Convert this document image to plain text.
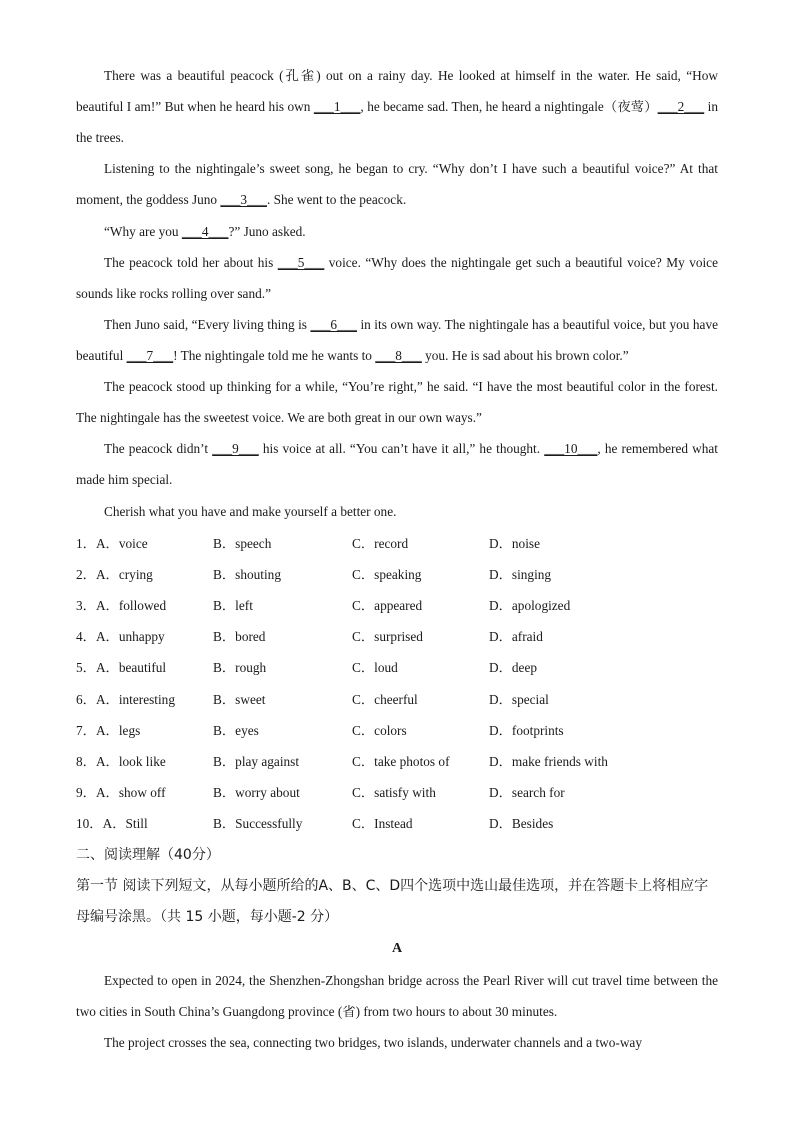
There was a beautiful peacock (孔雀) out on a rainy day. He looked at himself in the water. He said, “How beautiful I am!” But when he heard his own ___1___, he became sad. Then, he heard a nightingale（夜莺）___2___ in the trees.

Listening to the nightingale’s sweet song, he began to cry. “Why don’t I have such a beautiful voice?” At that moment, the goddess Juno ___3___. She went to the peacock.

“Why are you ___4___?” Juno asked.

The peacock told her about his ___5___ voice. “Why does the nightingale get such a beautiful voice? My voice sounds like rocks rolling over sand.”

Then Juno said, “Every living thing is ___6___ in its own way. The nightingale has a beautiful voice, but you have beautiful ___7___! The nightingale told me he wants to ___8___ you. He is sad about his brown color.”

The peacock stood up thinking for a while, “You’re right,” he said. “I have the most beautiful color in the forest. The nightingale has the sweetest voice. We are both great in our own ways.”

The peacock didn’t ___9___ his voice at all. “You can’t have it all,” he thought. ___10___, he remembered what made him special.

Cherish what you have and make yourself a better one.

1．A．voice	B．speech	C．record	D．noise
2．A．crying	B．shouting	C．speaking	D．singing
3．A．followed	B．left	C．appeared	D．apologized
4．A．unhappy	B．bored	C．surprised	D．afraid
5．A．beautiful	B．rough	C．loud	D．deep
6．A．interesting	B．sweet	C．cheerful	D．special
7．A．legs	B．eyes	C．colors	D．footprints
8．A．look like	B．play against	C．take photos of	D．make friends with
9．A．show off	B．worry about	C．satisfy with	D．search for
10．A．Still	B．Successfully	C．Instead	D．Besides
二、阅读理解（40分）
第一节 阅读下列短文，从每小题所给的A、B、C、D四个选项中选山最佳选项，并在答题卡上将相应字母编号涂黑。（共 15 小题，每小题-2 分）
A

Expected to open in 2024, the Shenzhen-Zhongshan bridge across the Pearl River will cut travel time between the two cities in South China’s Guangdong province (省) from two hours to about 30 minutes.

The project crosses the sea, connecting two bridges, two islands, underwater channels and a two-way
